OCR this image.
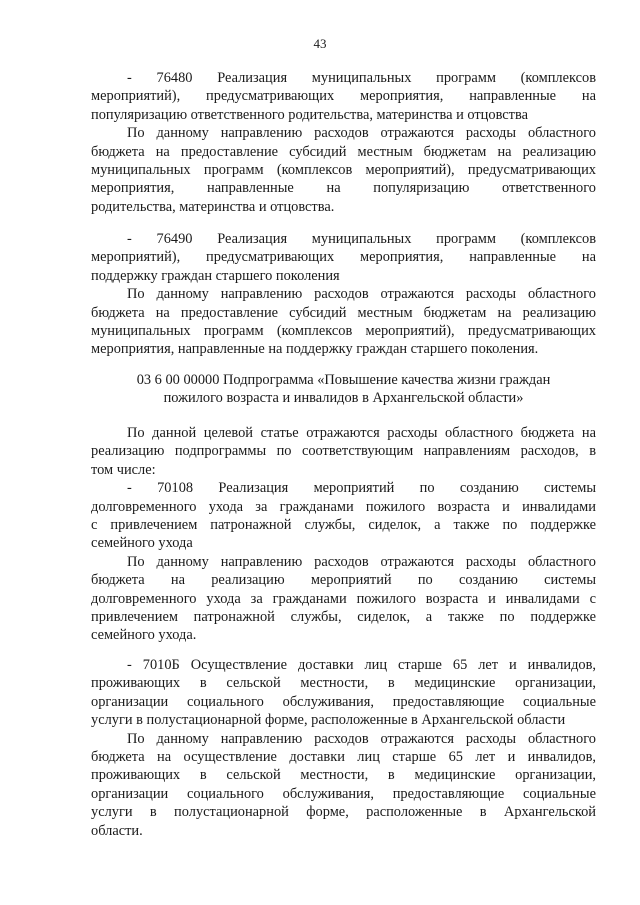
43
- 76480 Реализация муниципальных программ (комплексов
мероприятий), предусматривающих мероприятия, направленные на
популяризацию ответственного родительства, материнства и отцовства
По данному направлению расходов отражаются расходы областного
бюджета на предоставление субсидий местным бюджетам на реализацию
муниципальных программ (комплексов мероприятий), предусматривающих
мероприятия, направленные на популяризацию ответственного
родительства, материнства и отцовства.
- 76490 Реализация муниципальных программ (комплексов
мероприятий), предусматривающих мероприятия, направленные на
поддержку граждан старшего поколения
По данному направлению расходов отражаются расходы областного
бюджета на предоставление субсидий местным бюджетам на реализацию
муниципальных программ (комплексов мероприятий), предусматривающих
мероприятия, направленные на поддержку граждан старшего поколения.
03 6 00 00000 Подпрограмма «Повышение качества жизни граждан
пожилого возраста и инвалидов в Архангельской области»
По данной целевой статье отражаются расходы областного бюджета на
реализацию подпрограммы по соответствующим направлениям расходов, в
том числе:
- 70108 Реализация мероприятий по созданию системы
долговременного ухода за гражданами пожилого возраста и инвалидами
с привлечением патронажной службы, сиделок, а также по поддержке
семейного ухода
По данному направлению расходов отражаются расходы областного
бюджета на реализацию мероприятий по созданию системы
долговременного ухода за гражданами пожилого возраста и инвалидами с
привлечением патронажной службы, сиделок, а также по поддержке
семейного ухода.
- 7010Б Осуществление доставки лиц старше 65 лет и инвалидов,
проживающих в сельской местности, в медицинские организации,
организации социального обслуживания, предоставляющие социальные
услуги в полустационарной форме, расположенные в Архангельской области
По данному направлению расходов отражаются расходы областного
бюджета на осуществление доставки лиц старше 65 лет и инвалидов,
проживающих в сельской местности, в медицинские организации,
организации социального обслуживания, предоставляющие социальные
услуги в полустационарной форме, расположенные в Архангельской
области.
